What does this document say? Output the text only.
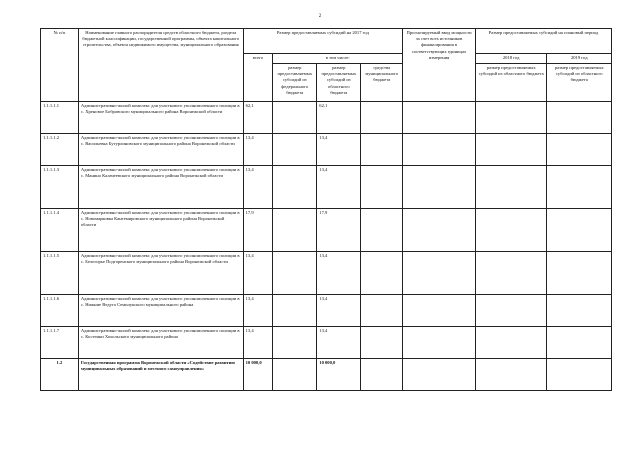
2
№ п/п	Наименование главного распорядителя средств областного бюджета, раздела бюджетной классификации, государственной программы, объекта капитального строительства, объекта недвижимого имущества, муниципального образования	Размер предоставляемых субсидий на 2017 год				Прогнозируемый ввод мощности за счет всех источников финансирования в соответствующих единицах измерения	Размер предоставляемых субсидий на плановый период	
		всего	в том числе:				2018 год	2019 год
			размер предоставляемых субсидий из федерального бюджета	размер предоставляемых субсидий из областного бюджета	средства муниципального бюджета		размер предоставляемых субсидий из областного бюджета	размер предоставляемых субсидий из областного бюджета
1.1.1.1.1	Административно-жилой комплекс для участкового уполномоченного полиции в с. Хреновое Бобровского муниципального района Воронежской области	62,1		62,1				
1.1.1.1.2	Административно-жилой комплекс для участкового уполномоченного полиции в с. Васильевка Бутурлиновского муниципального района Воронежской области	13,4		13,4				
1.1.1.1.3	Административно-жилой комплекс для участкового уполномоченного полиции в с. Манино Калачеевского муниципального района Воронежской области	13,4		13,4				
1.1.1.1.4	Административно-жилой комплекс для участкового уполномоченного полиции в с. Новомарковка Кантемировского муниципального района Воронежской области	17,9		17,9				
1.1.1.1.5	Административно-жилой комплекс для участкового уполномоченного полиции в с. Белогорье Подгоренского муниципального района Воронежской области	13,4		13,4				
1.1.1.1.6	Административно-жилой комплекс для участкового уполномоченного полиции в с. Нижние Ведуга Семилукского муниципального района	13,4		13,4				
1.1.1.1.7	Административно-жилой комплекс для участкового уполномоченного полиции в с. Костенки Хохольского муниципального района	13,4		13,4				
1.2	Государственная программа Воронежской области «Содействие развитию муниципальных образований и местного самоуправления»	10 000,0		10 000,0				
